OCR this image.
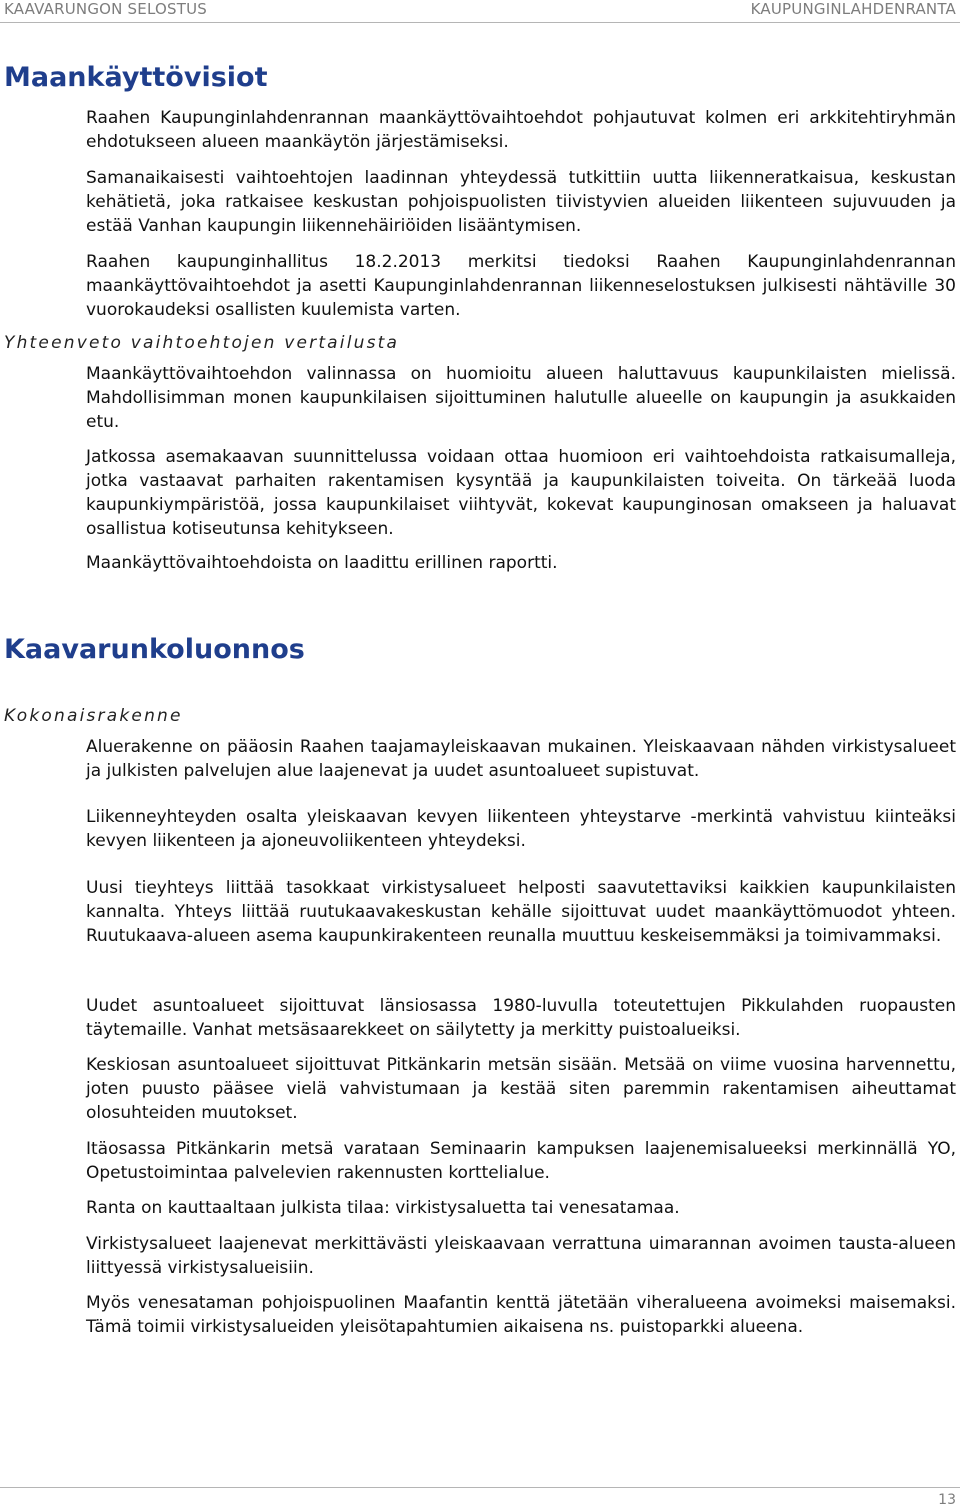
KAAVARUNGON SELOSTUS	KAUPUNGINLAHDENRANTA
Maankäyttövisiot

Raahen Kaupunginlahdenrannan maankäyttövaihtoehdot pohjautuvat kolmen eri arkkitehtiryhmän ehdotukseen alueen maankäytön järjestämiseksi.

Samanaikaisesti vaihtoehtojen laadinnan yhteydessä tutkittiin uutta liikenneratkaisua, keskustan kehätietä, joka ratkaisee keskustan pohjoispuolisten tiivistyvien alueiden liikenteen sujuvuuden ja estää Vanhan kaupungin liikennehäiriöiden lisääntymisen.

Raahen kaupunginhallitus 18.2.2013 merkitsi tiedoksi Raahen Kaupunginlahdenrannan maankäyttövaihtoehdot ja asetti Kaupunginlahdenrannan liikenneselostuksen julkisesti nähtäville 30 vuorokaudeksi osallisten kuulemista varten.

Yhteenveto vaihtoehtojen vertailusta

Maankäyttövaihtoehdon valinnassa on huomioitu alueen haluttavuus kaupunkilaisten mielissä. Mahdollisimman monen kaupunkilaisen sijoittuminen halutulle alueelle on kaupungin ja asukkaiden etu.

Jatkossa asemakaavan suunnittelussa voidaan ottaa huomioon eri vaihtoehdoista ratkaisumalleja, jotka vastaavat parhaiten rakentamisen kysyntää ja kaupunkilaisten toiveita. On tärkeää luoda kaupunkiympäristöä, jossa kaupunkilaiset viihtyvät, kokevat kaupunginosan omakseen ja haluavat osallistua kotiseutunsa kehitykseen.

Maankäyttövaihtoehdoista on laadittu erillinen raportti.

Kaavarunkoluonnos
Kokonaisrakenne

Aluerakenne on pääosin Raahen taajamayleiskaavan mukainen. Yleiskaavaan nähden virkistysalueet ja julkisten palvelujen alue laajenevat ja uudet asuntoalueet supistuvat.

Liikenneyhteyden osalta yleiskaavan kevyen liikenteen yhteystarve -merkintä vahvistuu kiinteäksi kevyen liikenteen ja ajoneuvoliikenteen yhteydeksi.

Uusi tieyhteys liittää tasokkaat virkistysalueet helposti saavutettaviksi kaikkien kaupunkilaisten kannalta. Yhteys liittää ruutukaavakeskustan kehälle sijoittuvat uudet maankäyttömuodot yhteen. Ruutukaava-alueen asema kaupunkirakenteen reunalla muuttuu keskeisemmäksi ja toimivammaksi.

Uudet asuntoalueet sijoittuvat länsiosassa 1980-luvulla toteutettujen Pikkulahden ruopausten täytemaille. Vanhat metsäsaarekkeet on säilytetty ja merkitty puistoalueiksi.

Keskiosan asuntoalueet sijoittuvat Pitkänkarin metsän sisään. Metsää on viime vuosina harvennettu, joten puusto pääsee vielä vahvistumaan ja kestää siten paremmin rakentamisen aiheuttamat olosuhteiden muutokset.

Itäosassa Pitkänkarin metsä varataan Seminaarin kampuksen laajenemisalueeksi merkinnällä YO, Opetustoimintaa palvelevien rakennusten korttelialue.

Ranta on kauttaaltaan julkista tilaa: virkistysaluetta tai venesatamaa.

Virkistysalueet laajenevat merkittävästi yleiskaavaan verrattuna uimarannan avoimen tausta-alueen liittyessä virkistysalueisiin.

Myös venesataman pohjoispuolinen Maafantin kenttä jätetään viheralueena avoimeksi maisemaksi. Tämä toimii virkistysalueiden yleisötapahtumien aikaisena ns. puistoparkki alueena.

13
